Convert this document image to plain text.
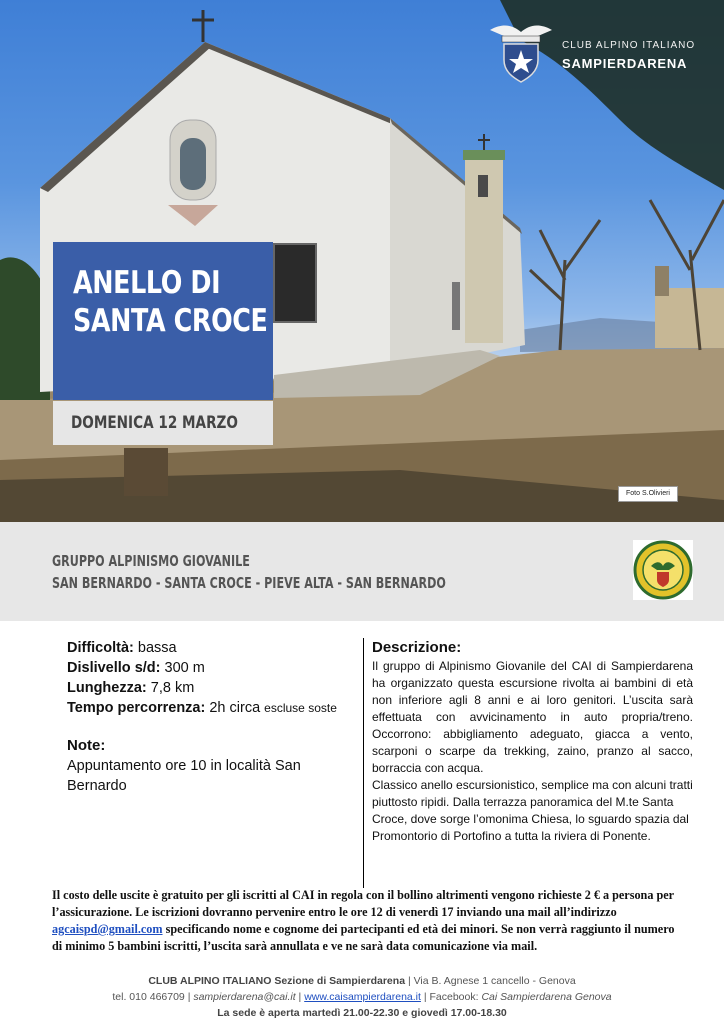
CLUB ALPINO ITALIANO
SAMPIERDARENA
ANELLO DI
SANTA CROCE
DOMENICA 12 MARZO
Foto S.Olivieri
GRUPPO ALPINISMO GIOVANILE
SAN BERNARDO - SANTA CROCE - PIEVE ALTA - SAN BERNARDO
Difficoltà: bassa
Dislivello s/d: 300 m
Lunghezza: 7,8 km
Tempo percorrenza: 2h circa escluse soste
Note:
Appuntamento ore 10 in località San Bernardo
Descrizione:

Il gruppo di Alpinismo Giovanile del CAI di Sampierdarena ha organizzato questa escursione rivolta ai bambini di età non inferiore agli 8 anni e ai loro genitori. L’uscita sarà effettuata con avvicinamento in auto propria/treno. Occorrono: abbigliamento adeguato, giacca a vento, scarponi o scarpe da trekking, zaino, pranzo al sacco, borraccia con acqua.

Classico anello escursionistico, semplice ma con alcuni tratti piuttosto ripidi. Dalla terrazza panoramica del M.te Santa Croce, dove sorge l’omonima Chiesa, lo sguardo spazia dal Promontorio di Portofino a tutta la riviera di Ponente.

Il costo delle uscite è gratuito per gli iscritti al CAI in regola con il bollino altrimenti vengono richieste 2 € a persona per l’assicurazione. Le iscrizioni dovranno pervenire entro le ore 12 di venerdì 17 inviando una mail all’indirizzo agcaispd@gmail.com specificando nome e cognome dei partecipanti ed età dei minori. Se non verrà raggiunto il numero di minimo 5 bambini iscritti, l’uscita sarà annullata e ve ne sarà data comunicazione via mail.
CLUB ALPINO ITALIANO Sezione di Sampierdarena | Via B. Agnese 1 cancello - Genova
tel. 010 466709 | sampierdarena@cai.it | www.caisampierdarena.it | Facebook: Cai Sampierdarena Genova
La sede è aperta martedì 21.00-22.30 e giovedì 17.00-18.30
